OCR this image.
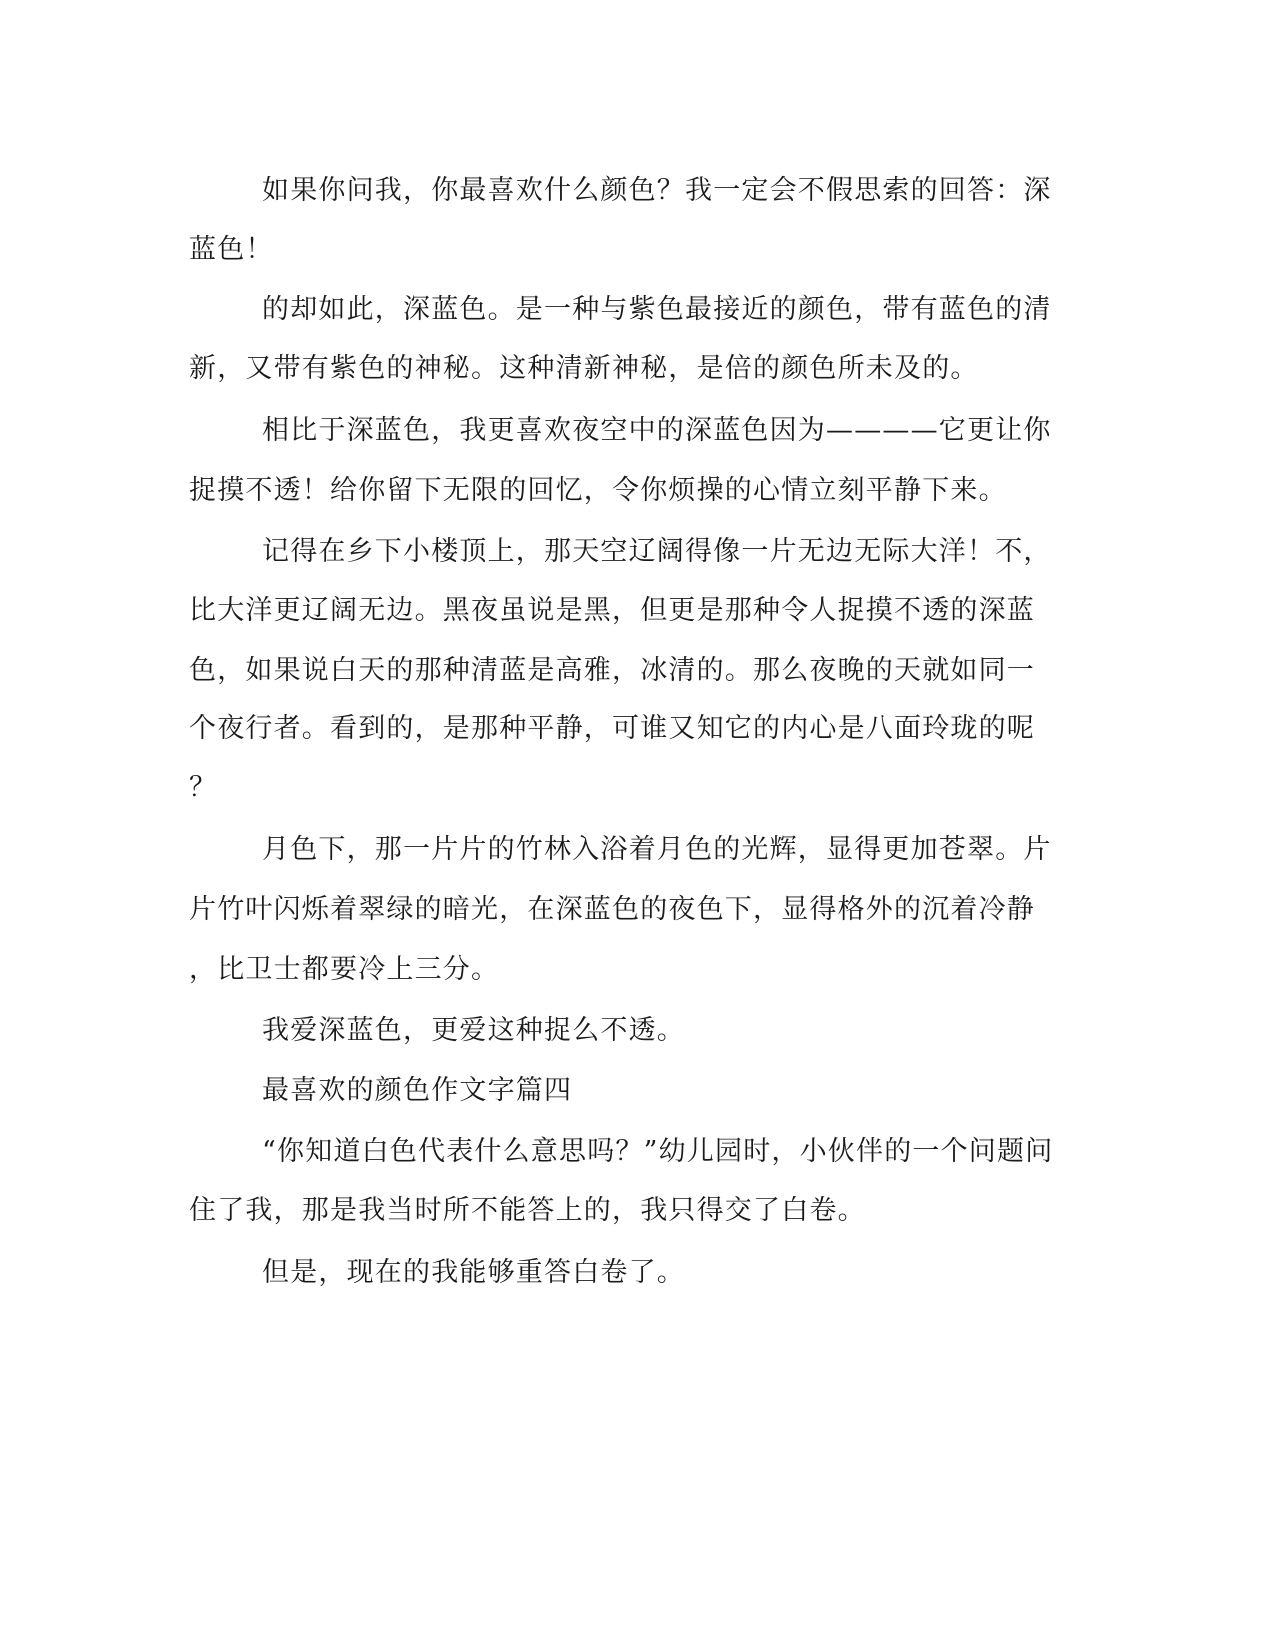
如果你问我，你最喜欢什么颜色？我一定会不假思索的回答：深
蓝色！
的却如此，深蓝色。是一种与紫色最接近的颜色，带有蓝色的清
新，又带有紫色的神秘。这种清新神秘，是倍的颜色所未及的。
相比于深蓝色，我更喜欢夜空中的深蓝色因为————它更让你
捉摸不透！给你留下无限的回忆，令你烦操的心情立刻平静下来。
记得在乡下小楼顶上，那天空辽阔得像一片无边无际大洋！不，
比大洋更辽阔无边。黑夜虽说是黑，但更是那种令人捉摸不透的深蓝
色，如果说白天的那种清蓝是高雅，冰清的。那么夜晚的天就如同一
个夜行者。看到的，是那种平静，可谁又知它的内心是八面玲珑的呢
？
月色下，那一片片的竹林入浴着月色的光辉，显得更加苍翠。片
片竹叶闪烁着翠绿的暗光，在深蓝色的夜色下，显得格外的沉着冷静
，比卫士都要冷上三分。
我爱深蓝色，更爱这种捉么不透。
最喜欢的颜色作文字篇四
“你知道白色代表什么意思吗？”幼儿园时，小伙伴的一个问题问
住了我，那是我当时所不能答上的，我只得交了白卷。
但是，现在的我能够重答白卷了。
